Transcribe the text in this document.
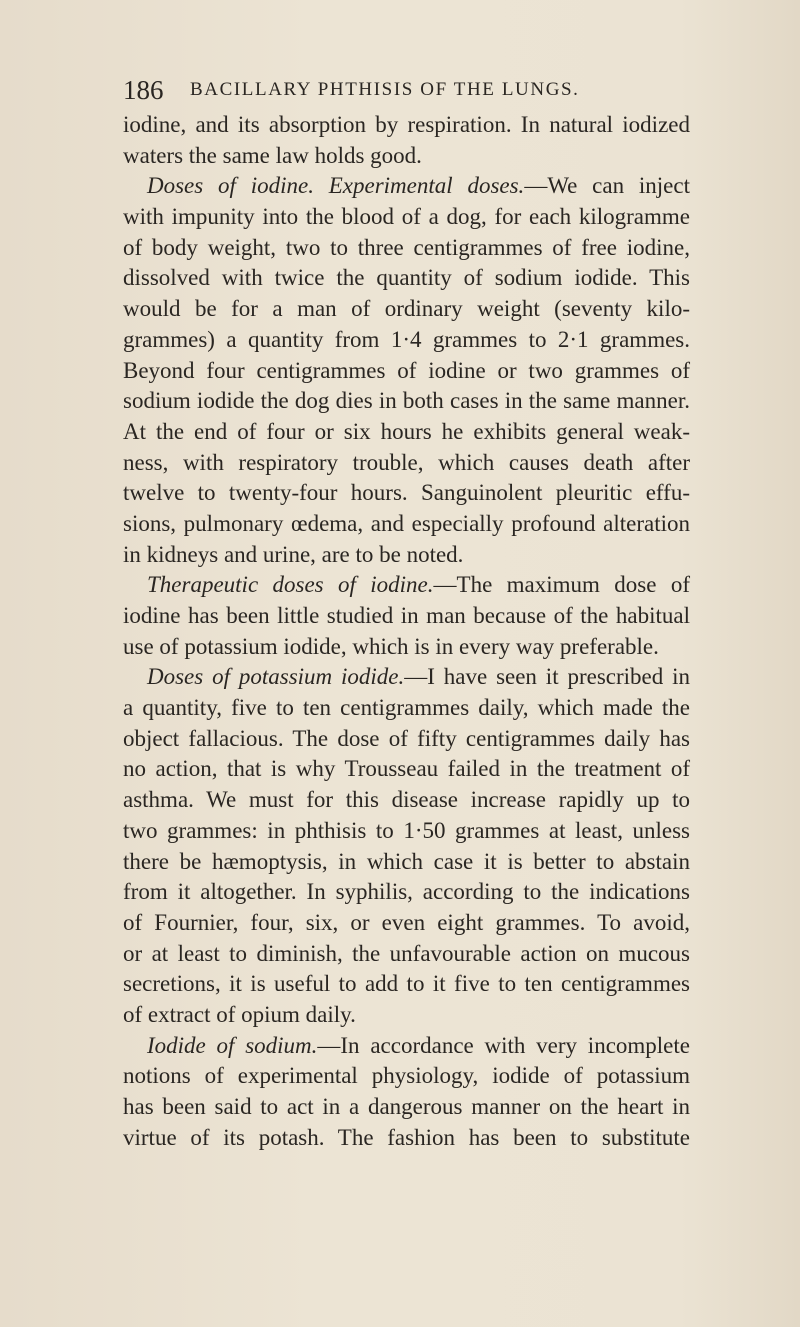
186 BACILLARY PHTHISIS OF THE LUNGS.
iodine, and its absorption by respiration. In natural iodized
waters the same law holds good.
Doses of iodine. Experimental doses.—We can inject
with impunity into the blood of a dog, for each kilogramme
of body weight, two to three centigrammes of free iodine,
dissolved with twice the quantity of sodium iodide. This
would be for a man of ordinary weight (seventy kilo-
grammes) a quantity from 1·4 grammes to 2·1 grammes.
Beyond four centigrammes of iodine or two grammes of
sodium iodide the dog dies in both cases in the same manner.
At the end of four or six hours he exhibits general weak-
ness, with respiratory trouble, which causes death after
twelve to twenty-four hours. Sanguinolent pleuritic effu-
sions, pulmonary œdema, and especially profound alteration
in kidneys and urine, are to be noted.
Therapeutic doses of iodine.—The maximum dose of
iodine has been little studied in man because of the habitual
use of potassium iodide, which is in every way preferable.
Doses of potassium iodide.—I have seen it prescribed in
a quantity, five to ten centigrammes daily, which made the
object fallacious. The dose of fifty centigrammes daily has
no action, that is why Trousseau failed in the treatment of
asthma. We must for this disease increase rapidly up to
two grammes: in phthisis to 1·50 grammes at least, unless
there be hæmoptysis, in which case it is better to abstain
from it altogether. In syphilis, according to the indications
of Fournier, four, six, or even eight grammes. To avoid,
or at least to diminish, the unfavourable action on mucous
secretions, it is useful to add to it five to ten centigrammes
of extract of opium daily.
Iodide of sodium.—In accordance with very incomplete
notions of experimental physiology, iodide of potassium
has been said to act in a dangerous manner on the heart in
virtue of its potash. The fashion has been to substitute
